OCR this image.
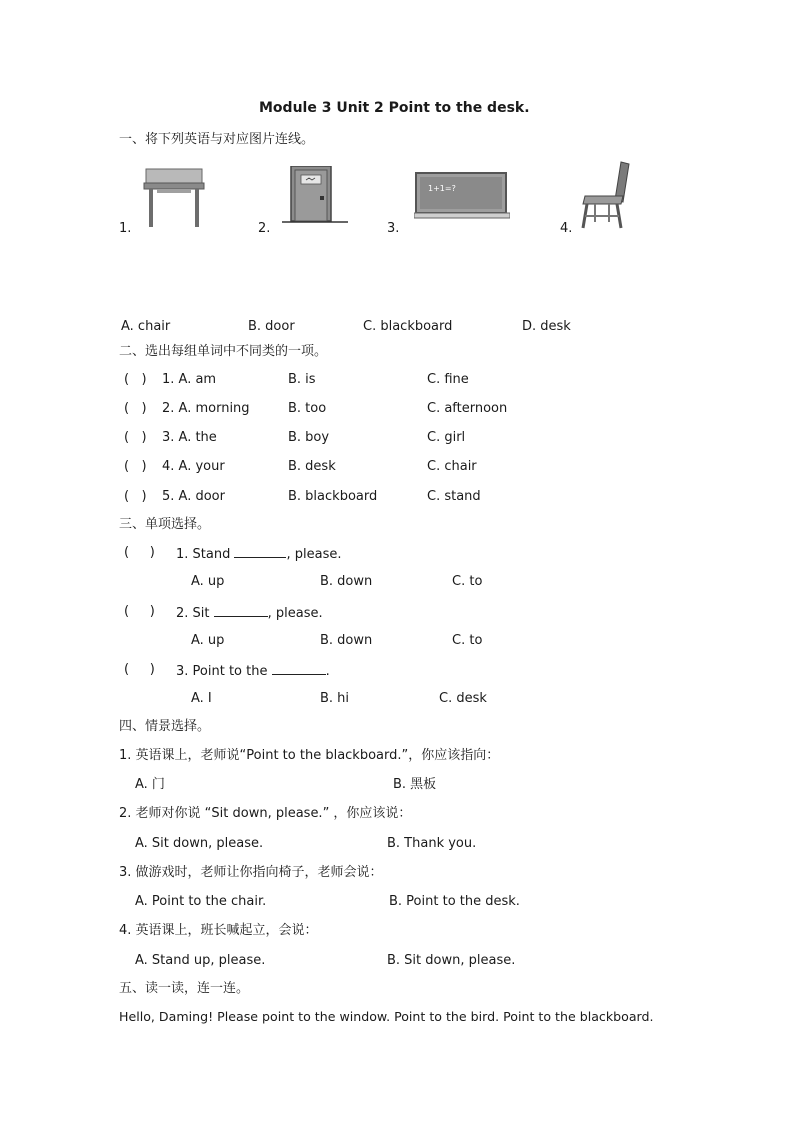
Module 3 Unit 2 Point to the desk.
一、将下列英语与对应图片连线。
1.	2.	3.
1+1=?
4.
A. chair	B. door	C. blackboard	D. desk
二、选出每组单词中不同类的一项。
(   ) 1. A. am	B. is	C. fine
(   ) 2. A. morning	B. too	C. afternoon
(   ) 3. A. the	B. boy	C. girl
(   ) 4. A. your	B. desk	C. chair
(   ) 5. A. door	B. blackboard	C. stand
三、单项选择。
(     ) 1. Stand	, please.
A. up	B. down	C. to
(     ) 2. Sit	, please.
A. up	B. down	C. to
(     ) 3. Point to the	.
A. I	B. hi	C. desk
四、情景选择。
1. 英语课上，老师说“Point to the blackboard.”，你应该指向：
A. 门	B. 黑板
2. 老师对你说 “Sit down, please.” ，你应该说：
A. Sit down, please.	B. Thank you.
3. 做游戏时，老师让你指向椅子，老师会说：
A. Point to the chair.	B. Point to the desk.
4. 英语课上，班长喊起立，会说：
A. Stand up, please.	B. Sit down, please.
五、读一读，连一连。
Hello, Daming! Please point to the window. Point to the bird. Point to the blackboard.
